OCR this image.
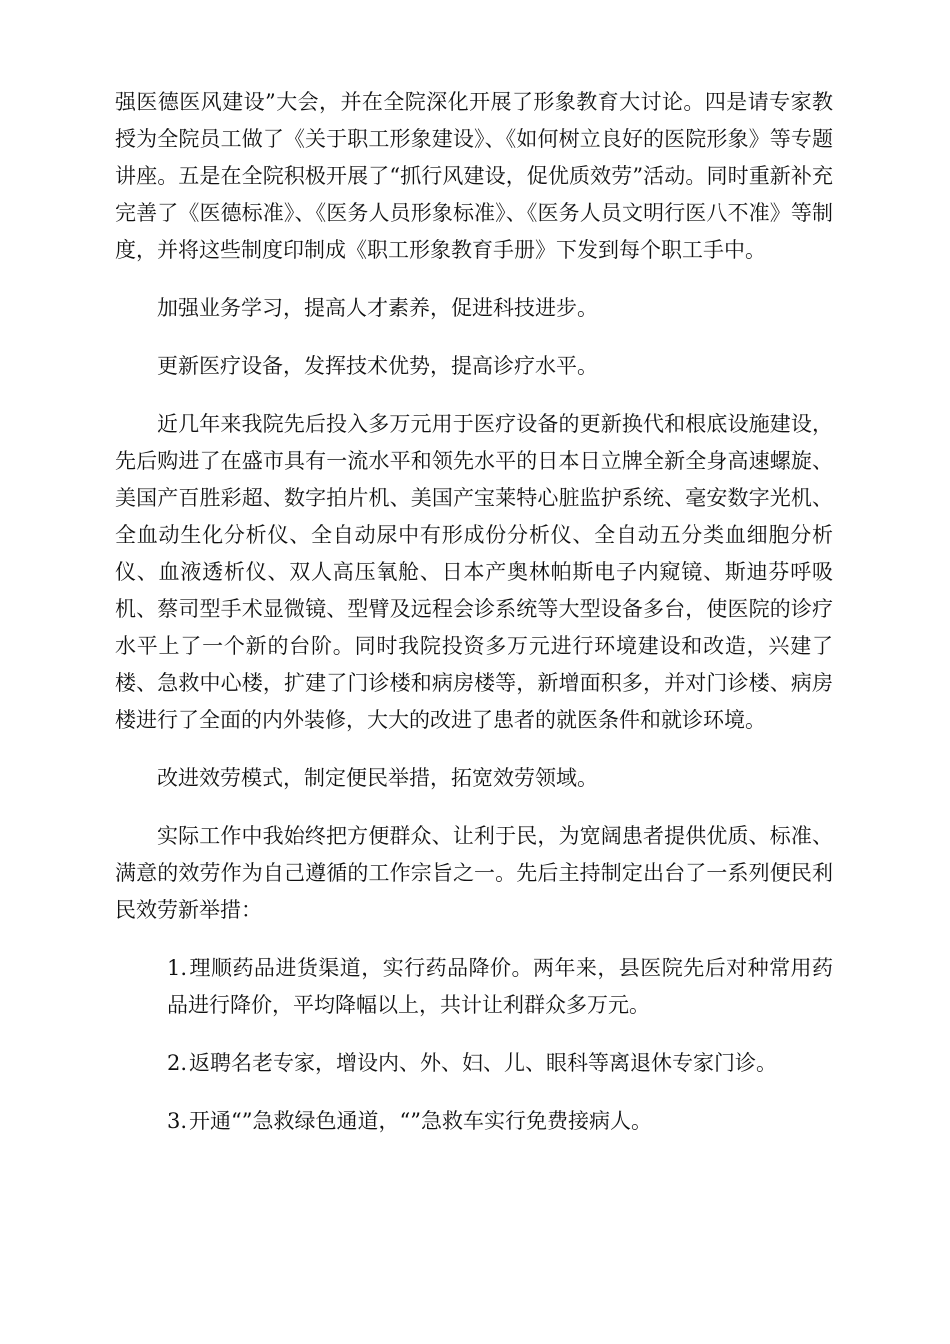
强医德医风建设”大会，并在全院深化开展了形象教育大讨论。四是请专家教授为全院员工做了《关于职工形象建设》、《如何树立良好的医院形象》等专题讲座。五是在全院积极开展了“抓行风建设，促优质效劳”活动。同时重新补充完善了《医德标准》、《医务人员形象标准》、《医务人员文明行医八不准》等制度，并将这些制度印制成《职工形象教育手册》下发到每个职工手中。

加强业务学习，提高人才素养，促进科技进步。

更新医疗设备，发挥技术优势，提高诊疗水平。

近几年来我院先后投入多万元用于医疗设备的更新换代和根底设施建设，先后购进了在盛市具有一流水平和领先水平的日本日立牌全新全身高速螺旋、美国产百胜彩超、数字拍片机、美国产宝莱特心脏监护系统、毫安数字光机、全血动生化分析仪、全自动尿中有形成份分析仪、全自动五分类血细胞分析仪、血液透析仪、双人高压氧舱、日本产奥林帕斯电子内窥镜、斯迪芬呼吸机、蔡司型手术显微镜、型臂及远程会诊系统等大型设备多台，使医院的诊疗水平上了一个新的台阶。同时我院投资多万元进行环境建设和改造，兴建了楼、急救中心楼，扩建了门诊楼和病房楼等，新增面积多，并对门诊楼、病房楼进行了全面的内外装修，大大的改进了患者的就医条件和就诊环境。

改进效劳模式，制定便民举措，拓宽效劳领域。

实际工作中我始终把方便群众、让利于民，为宽阔患者提供优质、标准、满意的效劳作为自己遵循的工作宗旨之一。先后主持制定出台了一系列便民利民效劳新举措：

1.理顺药品进货渠道，实行药品降价。两年来，县医院先后对种常用药品进行降价，平均降幅以上，共计让利群众多万元。

2.返聘名老专家，增设内、外、妇、儿、眼科等离退休专家门诊。

3.开通“”急救绿色通道，“”急救车实行免费接病人。
